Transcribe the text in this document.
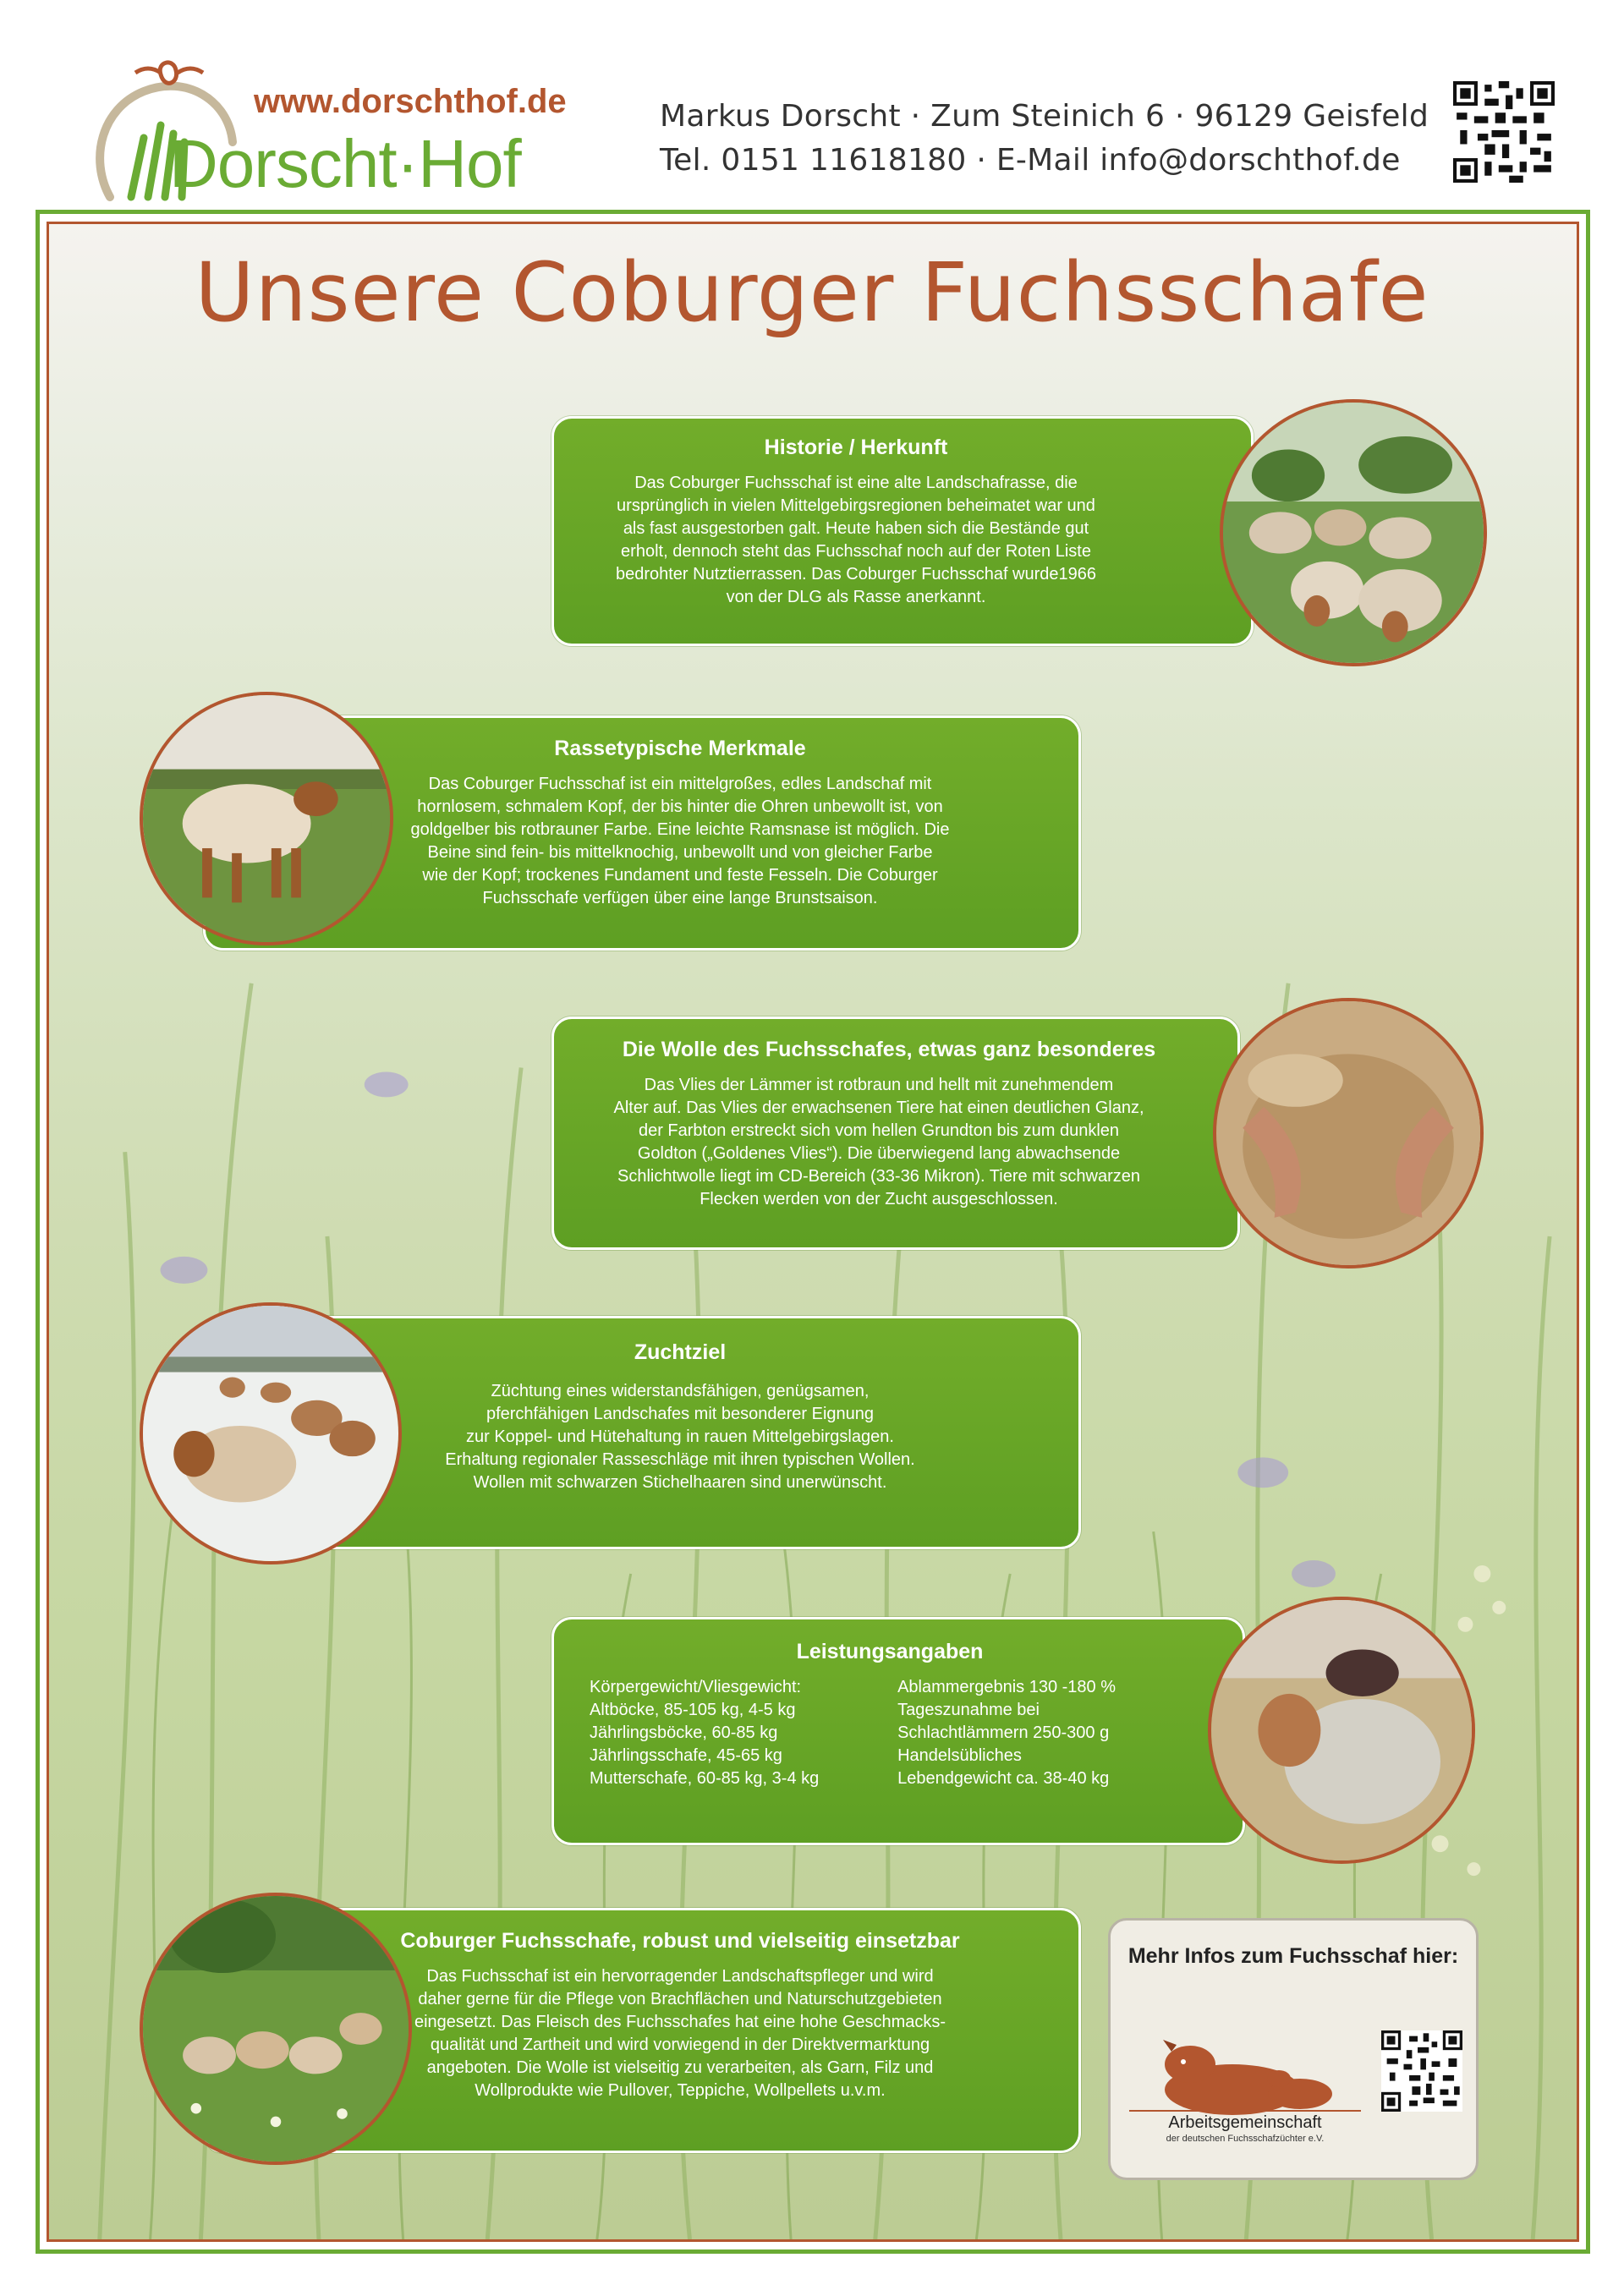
www.dorschthof.de
Dorscht·Hof
Markus Dorscht · Zum Steinich 6 · 96129 Geisfeld
Tel. 0151 11618180 · E-Mail info@dorschthof.de
Unsere Coburger Fuchsschafe
Historie / Herkunft

Das Coburger Fuchsschaf ist eine alte Landschafrasse, die

ursprünglich in vielen Mittelgebirgsregionen beheimatet war und

als fast ausgestorben galt. Heute haben sich die Bestände gut

erholt, dennoch steht das Fuchsschaf noch auf der Roten Liste

bedrohter Nutztierrassen. Das Coburger Fuchsschaf wurde1966

von der DLG als Rasse anerkannt.

Rassetypische Merkmale

Das Coburger Fuchsschaf ist ein mittelgroßes, edles Landschaf mit

hornlosem, schmalem Kopf, der bis hinter die Ohren unbewollt ist, von

goldgelber bis rotbrauner Farbe. Eine leichte Ramsnase ist möglich. Die

Beine sind fein- bis mittelknochig, unbewollt und von gleicher Farbe

wie der Kopf; trockenes Fundament und feste Fesseln. Die Coburger

Fuchsschafe verfügen über eine lange Brunstsaison.

Die Wolle des Fuchsschafes, etwas ganz besonderes

Das Vlies der Lämmer ist rotbraun und hellt mit zunehmendem

Alter auf. Das Vlies der erwachsenen Tiere hat einen deutlichen Glanz,

der Farbton erstreckt sich vom hellen Grundton bis zum dunklen

Goldton („Goldenes Vlies“). Die überwiegend lang abwachsende

Schlichtwolle liegt im CD-Bereich (33-36 Mikron). Tiere mit schwarzen

Flecken werden von der Zucht ausgeschlossen.

Zuchtziel

Züchtung eines widerstandsfähigen, genügsamen,

pferchfähigen Landschafes mit besonderer Eignung

zur Koppel- und Hütehaltung in rauen Mittelgebirgslagen.

Erhaltung regionaler Rasseschläge mit ihren typischen Wollen.

Wollen mit schwarzen Stichelhaaren sind unerwünscht.

Leistungsangaben
Körpergewicht/Vliesgewicht:
Altböcke, 85-105 kg, 4-5 kg
Jährlingsböcke, 60-85 kg
Jährlingsschafe, 45-65 kg
Mutterschafe, 60-85 kg, 3-4 kg
Ablammergebnis 130 -180 %
Tageszunahme bei
Schlachtlämmern 250-300 g
Handelsübliches
Lebendgewicht ca. 38-40 kg
Coburger Fuchsschafe, robust und vielseitig einsetzbar

Das Fuchsschaf ist ein hervorragender Landschaftspfleger und wird

daher gerne für die Pflege von Brachflächen und Naturschutzgebieten

eingesetzt. Das Fleisch des Fuchsschafes hat eine hohe Geschmacks-

qualität und Zartheit und wird vorwiegend in der Direktvermarktung

angeboten. Die Wolle ist vielseitig zu verarbeiten, als Garn, Filz und

Wollprodukte wie Pullover, Teppiche, Wollpellets u.v.m.

Mehr Infos zum Fuchsschaf hier:
Arbeitsgemeinschaft
der deutschen Fuchsschafzüchter e.V.
